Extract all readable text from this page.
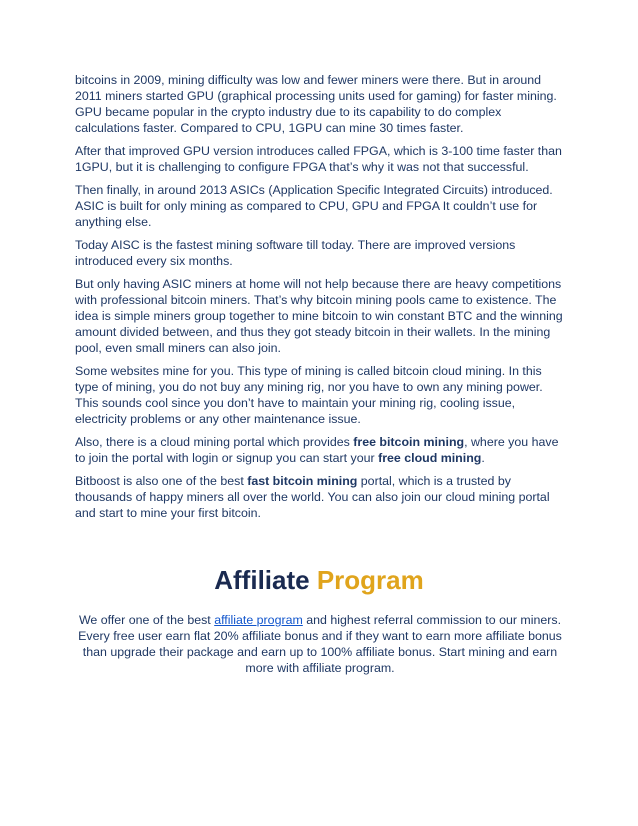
bitcoins in 2009, mining difficulty was low and fewer miners were there. But in around 2011 miners started GPU (graphical processing units used for gaming) for faster mining. GPU became popular in the crypto industry due to its capability to do complex calculations faster. Compared to CPU, 1GPU can mine 30 times faster.

After that improved GPU version introduces called FPGA, which is 3-100 time faster than 1GPU, but it is challenging to configure FPGA that’s why it was not that successful.

Then finally, in around 2013 ASICs (Application Specific Integrated Circuits) introduced. ASIC is built for only mining as compared to CPU, GPU and FPGA It couldn’t use for anything else.

Today AISC is the fastest mining software till today. There are improved versions introduced every six months.

But only having ASIC miners at home will not help because there are heavy competitions with professional bitcoin miners. That’s why bitcoin mining pools came to existence. The idea is simple miners group together to mine bitcoin to win constant BTC and the winning amount divided between, and thus they got steady bitcoin in their wallets. In the mining pool, even small miners can also join.

Some websites mine for you. This type of mining is called bitcoin cloud mining. In this type of mining, you do not buy any mining rig, nor you have to own any mining power. This sounds cool since you don’t have to maintain your mining rig, cooling issue, electricity problems or any other maintenance issue.

Also, there is a cloud mining portal which provides free bitcoin mining, where you have to join the portal with login or signup you can start your free cloud mining.

Bitboost is also one of the best fast bitcoin mining portal, which is a trusted by thousands of happy miners all over the world. You can also join our cloud mining portal and start to mine your first bitcoin.

Affiliate Program

We offer one of the best affiliate program and highest referral commission to our miners. Every free user earn flat 20% affiliate bonus and if they want to earn more affiliate bonus than upgrade their package and earn up to 100% affiliate bonus. Start mining and earn more with affiliate program.
